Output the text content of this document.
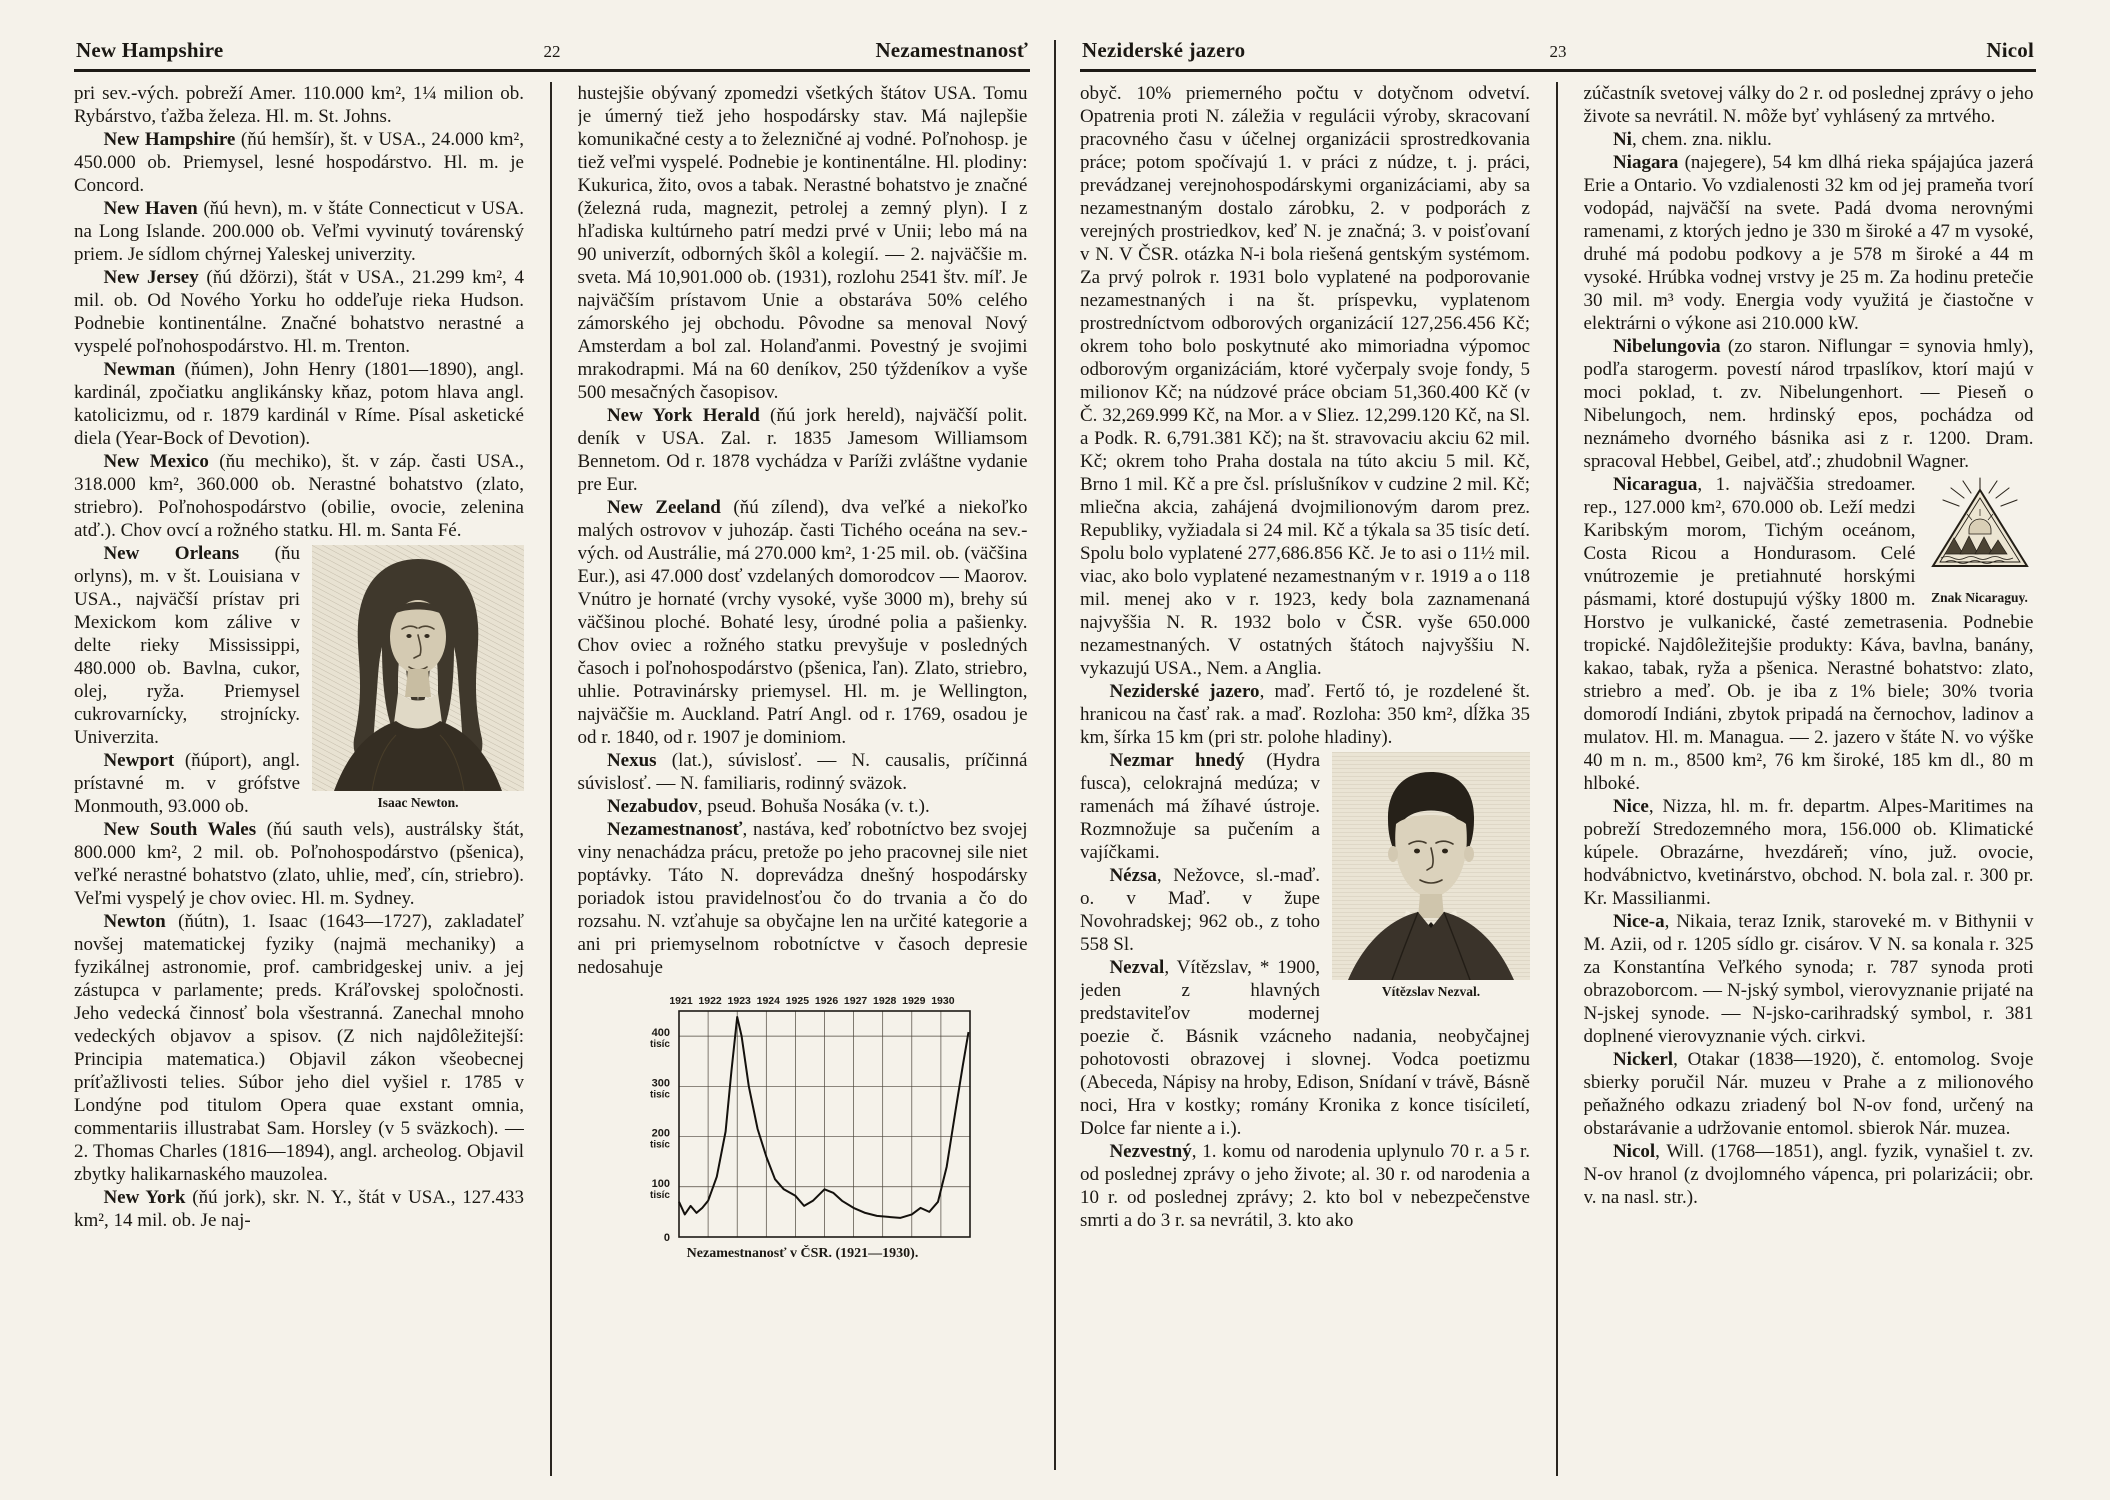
New Hampshire	22	Nezamestnanosť

pri sev.-vých. pobreží Amer. 110.000 km², 1¼ milion ob. Rybárstvo, ťažba železa. Hl. m. St. Johns.

New Hampshire (ňú hemšír), št. v USA., 24.000 km², 450.000 ob. Priemysel, lesné hospodárstvo. Hl. m. je Concord.

New Haven (ňú hevn), m. v štáte Connecticut v USA. na Long Islande. 200.000 ob. Veľmi vyvinutý továrenský priem. Je sídlom chýrnej Yaleskej univerzity.

New Jersey (ňú džörzi), štát v USA., 21.299 km², 4 mil. ob. Od Nového Yorku ho oddeľuje rieka Hudson. Podnebie kontinentálne. Značné bohatstvo nerastné a vyspelé poľnohospodárstvo. Hl. m. Trenton.

Newman (ňúmen), John Henry (1801—1890), angl. kardinál, zpočiatku anglikánsky kňaz, potom hlava angl. katolicizmu, od r. 1879 kardinál v Ríme. Písal asketické diela (Year-Bock of Devotion).

New Mexico (ňu mechiko), št. v záp. časti USA., 318.000 km², 360.000 ob. Nerastné bohatstvo (zlato, striebro). Poľnohospodárstvo (obilie, ovocie, zelenina atď.). Chov ovcí a rožného statku. Hl. m. Santa Fé.

Isaac Newton.

New Orleans (ňu orlyns), m. v št. Louisiana v USA., najväčší prístav pri Mexickom kom zálive v delte rieky Mississippi, 480.000 ob. Bavlna, cukor, olej, ryža. Priemysel cukrovarnícky, strojnícky. Univerzita.

Newport (ňúport), angl. prístavné m. v grófstve Monmouth, 93.000 ob.

New South Wales (ňú sauth vels), austrálsky štát, 800.000 km², 2 mil. ob. Poľnohospodárstvo (pšenica), veľké nerastné bohatstvo (zlato, uhlie, meď, cín, striebro). Veľmi vyspelý je chov oviec. Hl. m. Sydney.

Newton (ňútn), 1. Isaac (1643—1727), zakladateľ novšej matematickej fyziky (najmä mechaniky) a fyzikálnej astronomie, prof. cambridgeskej univ. a jej zástupca v parlamente; preds. Kráľovskej spoločnosti. Jeho vedecká činnosť bola všestranná. Zanechal mnoho vedeckých objavov a spisov. (Z nich najdôležitejší: Principia matematica.) Objavil zákon všeobecnej príťažlivosti telies. Súbor jeho diel vyšiel r. 1785 v Londýne pod titulom Opera quae exstant omnia, commentariis illustrabat Sam. Horsley (v 5 sväzkoch). — 2. Thomas Charles (1816—1894), angl. archeolog. Objavil zbytky halikarnaského mauzolea.

New York (ňú jork), skr. N. Y., štát v USA., 127.433 km², 14 mil. ob. Je naj-

hustejšie obývaný zpomedzi všetkých štátov USA. Tomu je úmerný tiež jeho hospodársky stav. Má najlepšie komunikačné cesty a to železničné aj vodné. Poľnohosp. je tiež veľmi vyspelé. Podnebie je kontinentálne. Hl. plodiny: Kukurica, žito, ovos a tabak. Nerastné bohatstvo je značné (železná ruda, magnezit, petrolej a zemný plyn). I z hľadiska kultúrneho patrí medzi prvé v Unii; lebo má na 90 univerzít, odborných škôl a kolegií. — 2. najväčšie m. sveta. Má 10,901.000 ob. (1931), rozlohu 2541 štv. míľ. Je najväčším prístavom Unie a obstaráva 50% celého zámorského jej obchodu. Pôvodne sa menoval Nový Amsterdam a bol zal. Holanďanmi. Povestný je svojimi mrakodrapmi. Má na 60 deníkov, 250 týždeníkov a vyše 500 mesačných časopisov.

New York Herald (ňú jork hereld), najväčší polit. deník v USA. Zal. r. 1835 Jamesom Williamsom Bennetom. Od r. 1878 vychádza v Paríži zvláštne vydanie pre Eur.

New Zeeland (ňú zílend), dva veľké a niekoľko malých ostrovov v juhozáp. časti Tichého oceána na sev.-vých. od Austrálie, má 270.000 km², 1·25 mil. ob. (väčšina Eur.), asi 47.000 dosť vzdelaných domorodcov — Maorov. Vnútro je hornaté (vrchy vysoké, vyše 3000 m), brehy sú väčšinou ploché. Bohaté lesy, úrodné polia a pašienky. Chov oviec a rožného statku prevyšuje v posledných časoch i poľnohospodárstvo (pšenica, ľan). Zlato, striebro, uhlie. Potravinársky priemysel. Hl. m. je Wellington, najväčšie m. Auckland. Patrí Angl. od r. 1769, osadou je od r. 1840, od r. 1907 je dominiom.

Nexus (lat.), súvislosť. — N. causalis, príčinná súvislosť. — N. familiaris, rodinný sväzok.

Nezabudov, pseud. Bohuša Nosáka (v. t.).

Nezamestnanosť, nastáva, keď robotníctvo bez svojej viny nenachádza prácu, pretože po jeho pracovnej sile niet poptávky. Táto N. doprevádza dnešný hospodársky poriadok istou pravidelnosťou čo do trvania a čo do rozsahu. N. vzťahuje sa obyčajne len na určité kategorie a ani pri priemyselnom robotníctve v časoch depresie nedosahuje

1921 1922 1923 1924 1925 1926 1927 1928 1929 1930
400
tisíc
300
tisíc
200
tisíc
100
tisíc
0
Nezamestnanosť v ČSR. (1921—1930).
Neziderské jazero	23	Nicol

obyč. 10% priemerného počtu v dotyčnom odvetví. Opatrenia proti N. záležia v regulácii výroby, skracovaní pracovného času v účelnej organizácii sprostredkovania práce; potom spočívajú 1. v práci z núdze, t. j. práci, prevádzanej verejnohospodárskymi organizáciami, aby sa nezamestnaným dostalo zárobku, 2. v podporách z verejných prostriedkov, keď N. je značná; 3. v poisťovaní v N. V ČSR. otázka N-i bola riešená gentským systémom. Za prvý polrok r. 1931 bolo vyplatené na podporovanie nezamestnaných i na št. príspevku, vyplatenom prostredníctvom odborových organizácií 127,256.456 Kč; okrem toho bolo poskytnuté ako mimoriadna výpomoc odborovým organizáciám, ktoré vyčerpaly svoje fondy, 5 milionov Kč; na núdzové práce obciam 51,360.400 Kč (v Č. 32,269.999 Kč, na Mor. a v Sliez. 12,299.120 Kč, na Sl. a Podk. R. 6,791.381 Kč); na št. stravovaciu akciu 62 mil. Kč; okrem toho Praha dostala na túto akciu 5 mil. Kč, Brno 1 mil. Kč a pre čsl. príslušníkov v cudzine 2 mil. Kč; mliečna akcia, zahájená dvojmilionovým darom prez. Republiky, vyžiadala si 24 mil. Kč a týkala sa 35 tisíc detí. Spolu bolo vyplatené 277,686.856 Kč. Je to asi o 11½ mil. viac, ako bolo vyplatené nezamestnaným v r. 1919 a o 118 mil. menej ako v r. 1923, kedy bola zaznamenaná najvyššia N. R. 1932 bolo v ČSR. vyše 650.000 nezamestnaných. V ostatných štátoch najvyššiu N. vykazujú USA., Nem. a Anglia.

Neziderské jazero, maď. Fertő tó, je rozdelené št. hranicou na časť rak. a maď. Rozloha: 350 km², dĺžka 35 km, šírka 15 km (pri str. polohe hladiny).

Vítězslav Nezval.

Nezmar hnedý (Hydra fusca), celokrajná medúza; v ramenách má žíhavé ústroje. Rozmnožuje sa pučením a vajíčkami.

Nézsa, Nežovce, sl.-maď. o. v Maď. v župe Novohradskej; 962 ob., z toho 558 Sl.

Nezval, Vítězslav, * 1900, jeden z hlavných predstaviteľov modernej poezie č. Básnik vzácneho nadania, neobyčajnej pohotovosti obrazovej i slovnej. Vodca poetizmu (Abeceda, Nápisy na hroby, Edison, Snídaní v trávě, Básně noci, Hra v kostky; romány Kronika z konce tisíciletí, Dolce far niente a i.).

Nezvestný, 1. komu od narodenia uplynulo 70 r. a 5 r. od poslednej zprávy o jeho živote; al. 30 r. od narodenia a 10 r. od poslednej zprávy; 2. kto bol v nebezpečenstve smrti a do 3 r. sa nevrátil, 3. kto ako

zúčastník svetovej války do 2 r. od poslednej zprávy o jeho živote sa nevrátil. N. môže byť vyhlásený za mrtvého.

Ni, chem. zna. niklu.

Niagara (najegere), 54 km dlhá rieka spájajúca jazerá Erie a Ontario. Vo vzdialenosti 32 km od jej prameňa tvorí vodopád, najväčší na svete. Padá dvoma nerovnými ramenami, z ktorých jedno je 330 m široké a 47 m vysoké, druhé má podobu podkovy a je 578 m široké a 44 m vysoké. Hrúbka vodnej vrstvy je 25 m. Za hodinu pretečie 30 mil. m³ vody. Energia vody využitá je čiastočne v elektrárni o výkone asi 210.000 kW.

Nibelungovia (zo staron. Niflungar = synovia hmly), podľa starogerm. povestí národ trpaslíkov, ktorí majú v moci poklad, t. zv. Nibelungenhort. — Pieseň o Nibelungoch, nem. hrdinský epos, pochádza od neznámeho dvorného básnika asi z r. 1200. Dram. spracoval Hebbel, Geibel, atď.; zhudobnil Wagner.

Znak Nicaraguy.

Nicaragua, 1. najväčšia stredoamer. rep., 127.000 km², 670.000 ob. Leží medzi Karibským morom, Tichým oceánom, Costa Ricou a Hondurasom. Celé vnútrozemie je pretiahnuté horskými pásmami, ktoré dostupujú výšky 1800 m. Horstvo je vulkanické, časté zemetrasenia. Podnebie tropické. Najdôležitejšie produkty: Káva, bavlna, banány, kakao, tabak, ryža a pšenica. Nerastné bohatstvo: zlato, striebro a meď. Ob. je iba z 1% biele; 30% tvoria domorodí Indiáni, zbytok pripadá na černochov, ladinov a mulatov. Hl. m. Managua. — 2. jazero v štáte N. vo výške 40 m n. m., 8500 km², 76 km široké, 185 km dl., 80 m hlboké.

Nice, Nizza, hl. m. fr. departm. Alpes-Maritimes na pobreží Stredozemného mora, 156.000 ob. Klimatické kúpele. Obrazárne, hvezdáreň; víno, juž. ovocie, hodvábnictvo, kvetinárstvo, obchod. N. bola zal. r. 300 pr. Kr. Massilianmi.

Nice-a, Nikaia, teraz Iznik, staroveké m. v Bithynii v M. Azii, od r. 1205 sídlo gr. cisárov. V N. sa konala r. 325 za Konstantína Veľkého synoda; r. 787 synoda proti obrazoborcom. — N-jský symbol, vierovyznanie prijaté na N-jskej synode. — N-jsko-carihradský symbol, r. 381 doplnené vierovyznanie vých. cirkvi.

Nickerl, Otakar (1838—1920), č. entomolog. Svoje sbierky poručil Nár. muzeu v Prahe a z milionového peňažného odkazu zriadený bol N-ov fond, určený na obstarávanie a udržovanie entomol. sbierok Nár. muzea.

Nicol, Will. (1768—1851), angl. fyzik, vynašiel t. zv. N-ov hranol (z dvojlomného vápenca, pri polarizácii; obr. v. na nasl. str.).
